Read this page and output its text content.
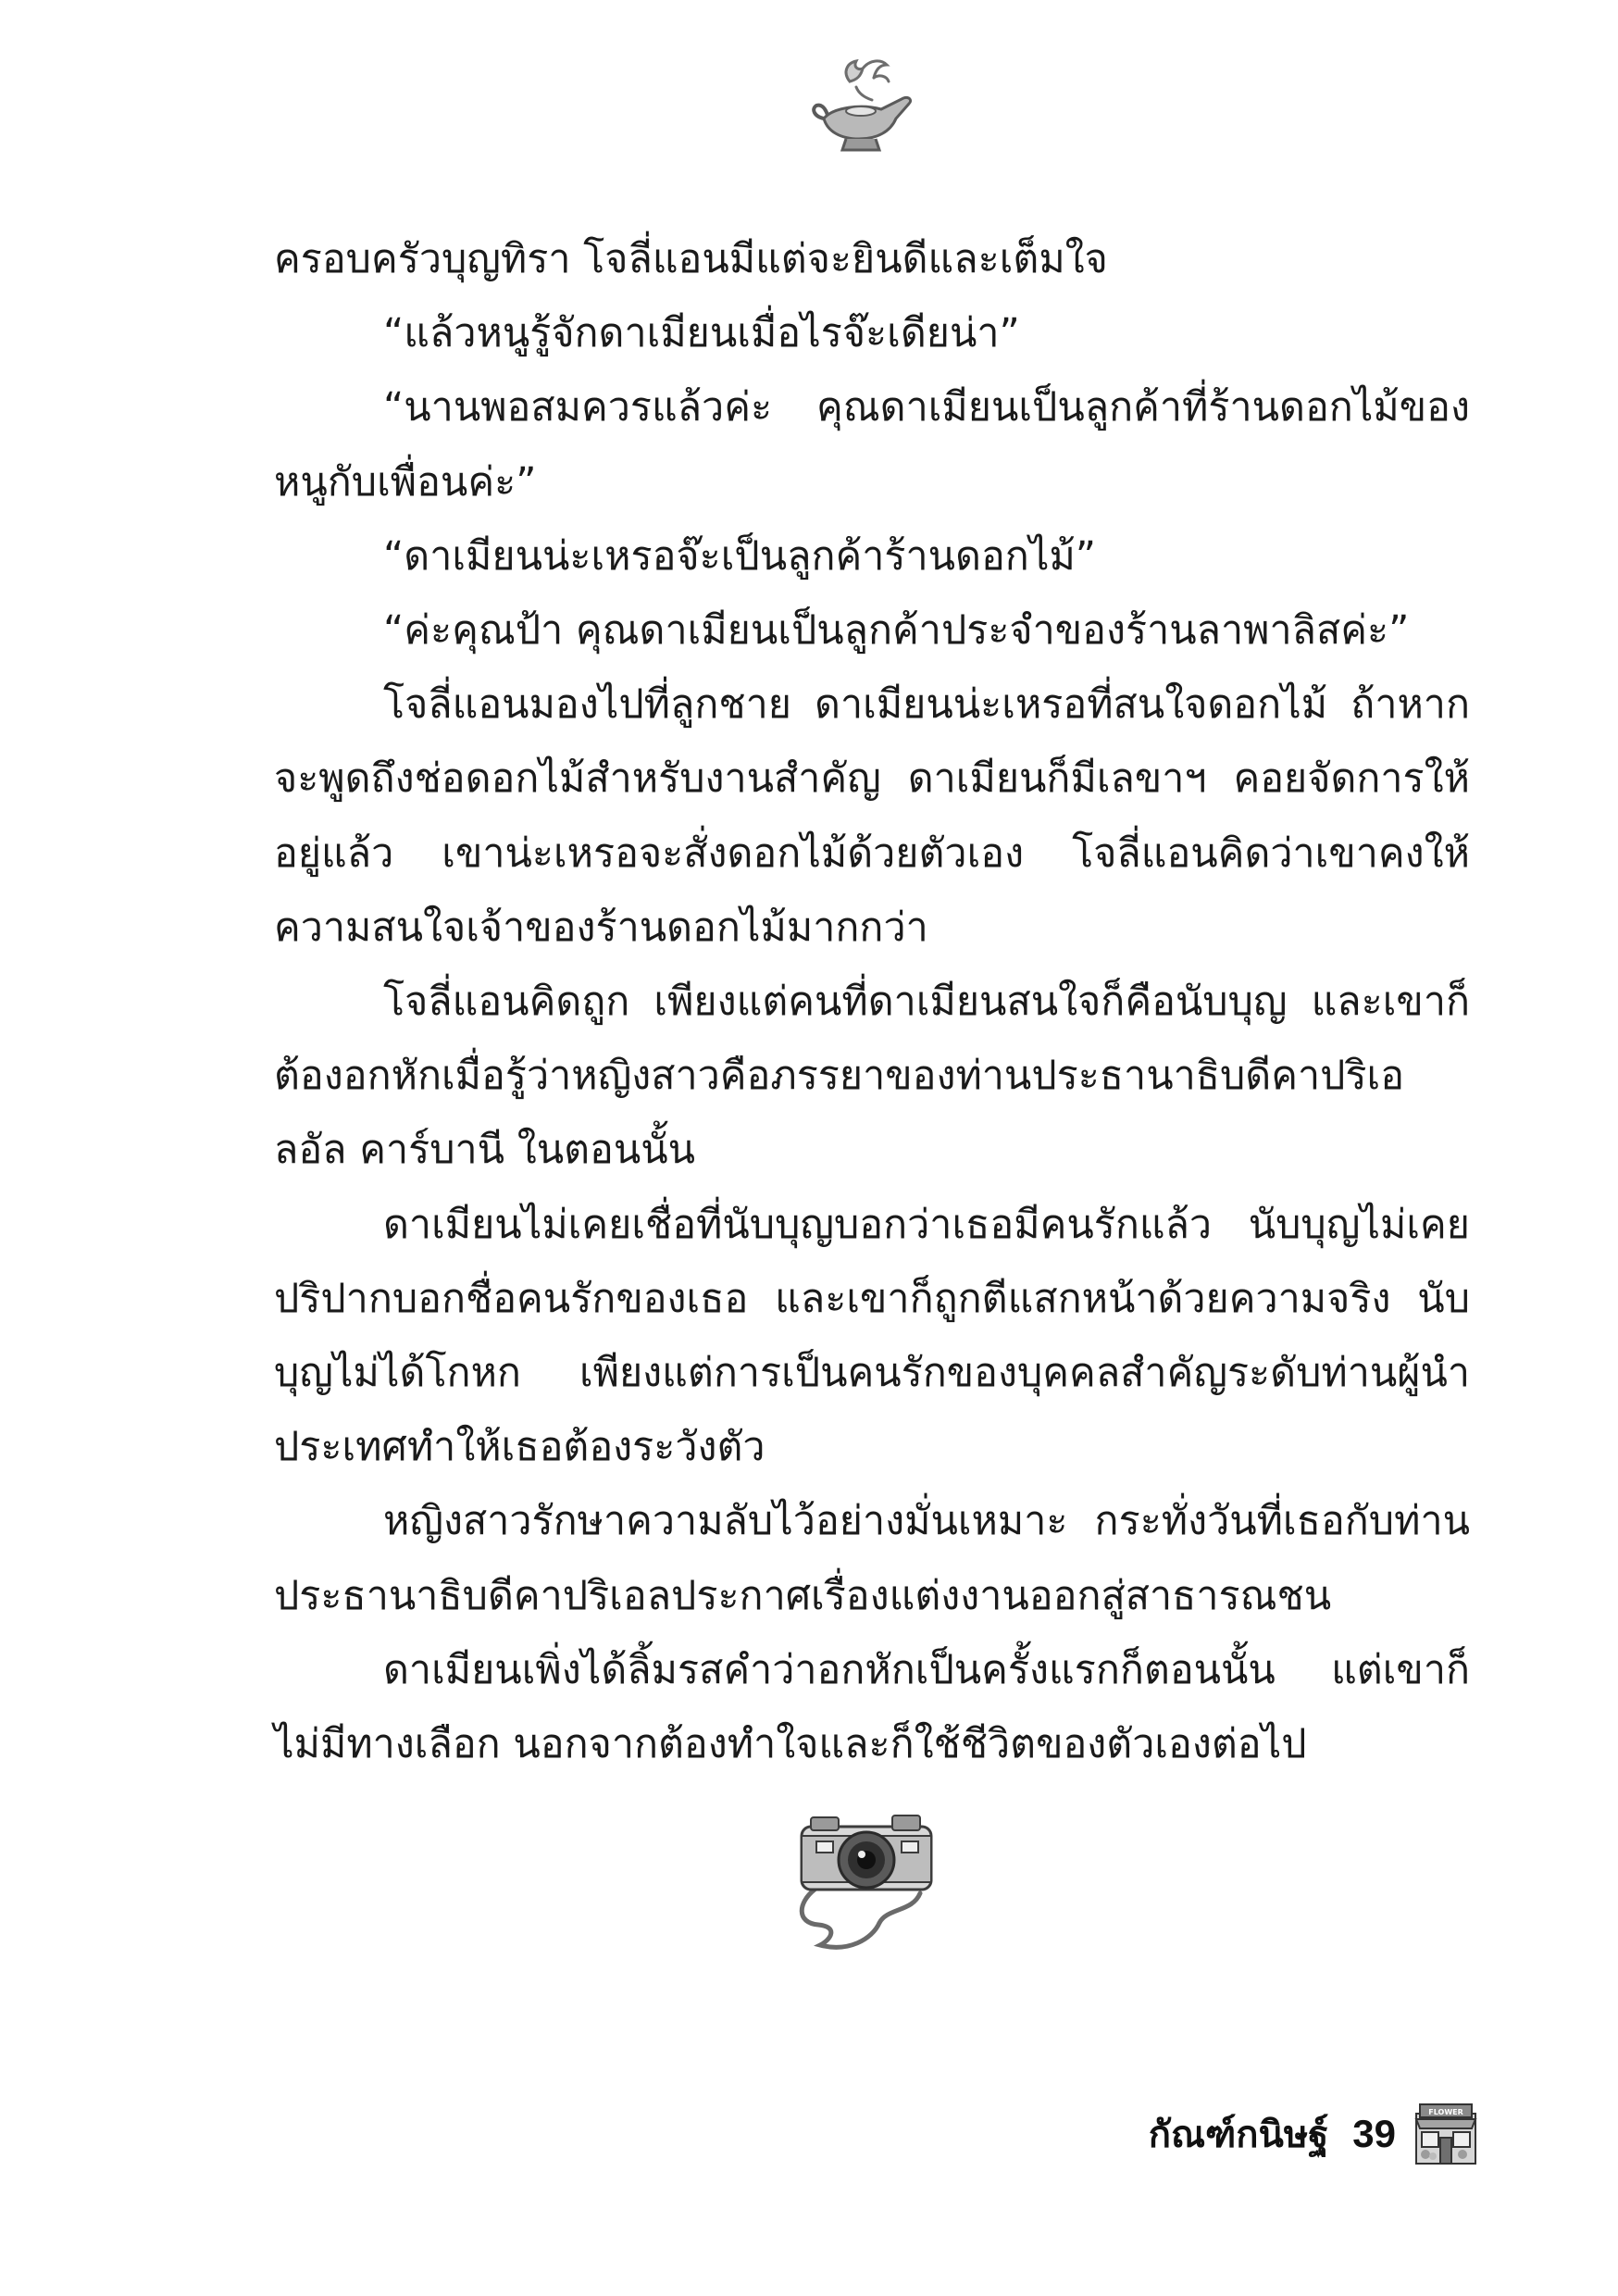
ครอบครัวบุญทิรา โจลี่แอนมีแต่จะยินดีและเต็มใจ

“แล้วหนูรู้จักดาเมียนเมื่อไรจ๊ะเดียน่า”

“นานพอสมควรแล้วค่ะ คุณดาเมียนเป็นลูกค้าที่ร้านดอกไม้ของหนูกับเพื่อนค่ะ”

“ดาเมียนน่ะเหรอจ๊ะเป็นลูกค้าร้านดอกไม้”

“ค่ะคุณป้า คุณดาเมียนเป็นลูกค้าประจำของร้านลาพาลิสค่ะ”

โจลี่แอนมองไปที่ลูกชาย ดาเมียนน่ะเหรอที่สนใจดอกไม้ ถ้าหากจะพูดถึงช่อดอกไม้สำหรับงานสำคัญ ดาเมียนก็มีเลขาฯ คอยจัดการให้อยู่แล้ว เขาน่ะเหรอจะสั่งดอกไม้ด้วยตัวเอง โจลี่แอนคิดว่าเขาคงให้ความสนใจเจ้าของร้านดอกไม้มากกว่า

โจลี่แอนคิดถูก เพียงแต่คนที่ดาเมียนสนใจก็คือนับบุญ และเขาก็ต้องอกหักเมื่อรู้ว่าหญิงสาวคือภรรยาของท่านประธานาธิบดีคาปริเอลอัล คาร์บานี ในตอนนั้น

ดาเมียนไม่เคยเชื่อที่นับบุญบอกว่าเธอมีคนรักแล้ว นับบุญไม่เคยปริปากบอกชื่อคนรักของเธอ และเขาก็ถูกตีแสกหน้าด้วยความจริง นับบุญไม่ได้โกหก เพียงแต่การเป็นคนรักของบุคคลสำคัญระดับท่านผู้นำประเทศทำให้เธอต้องระวังตัว

หญิงสาวรักษาความลับไว้อย่างมั่นเหมาะ กระทั่งวันที่เธอกับท่านประธานาธิบดีคาปริเอลประกาศเรื่องแต่งงานออกสู่สาธารณชน

ดาเมียนเพิ่งได้ลิ้มรสคำว่าอกหักเป็นครั้งแรกก็ตอนนั้น แต่เขาก็ไม่มีทางเลือก นอกจากต้องทำใจและก็ใช้ชีวิตของตัวเองต่อไป

กัณฑ์กนิษฐ์ 39	FLOWER
